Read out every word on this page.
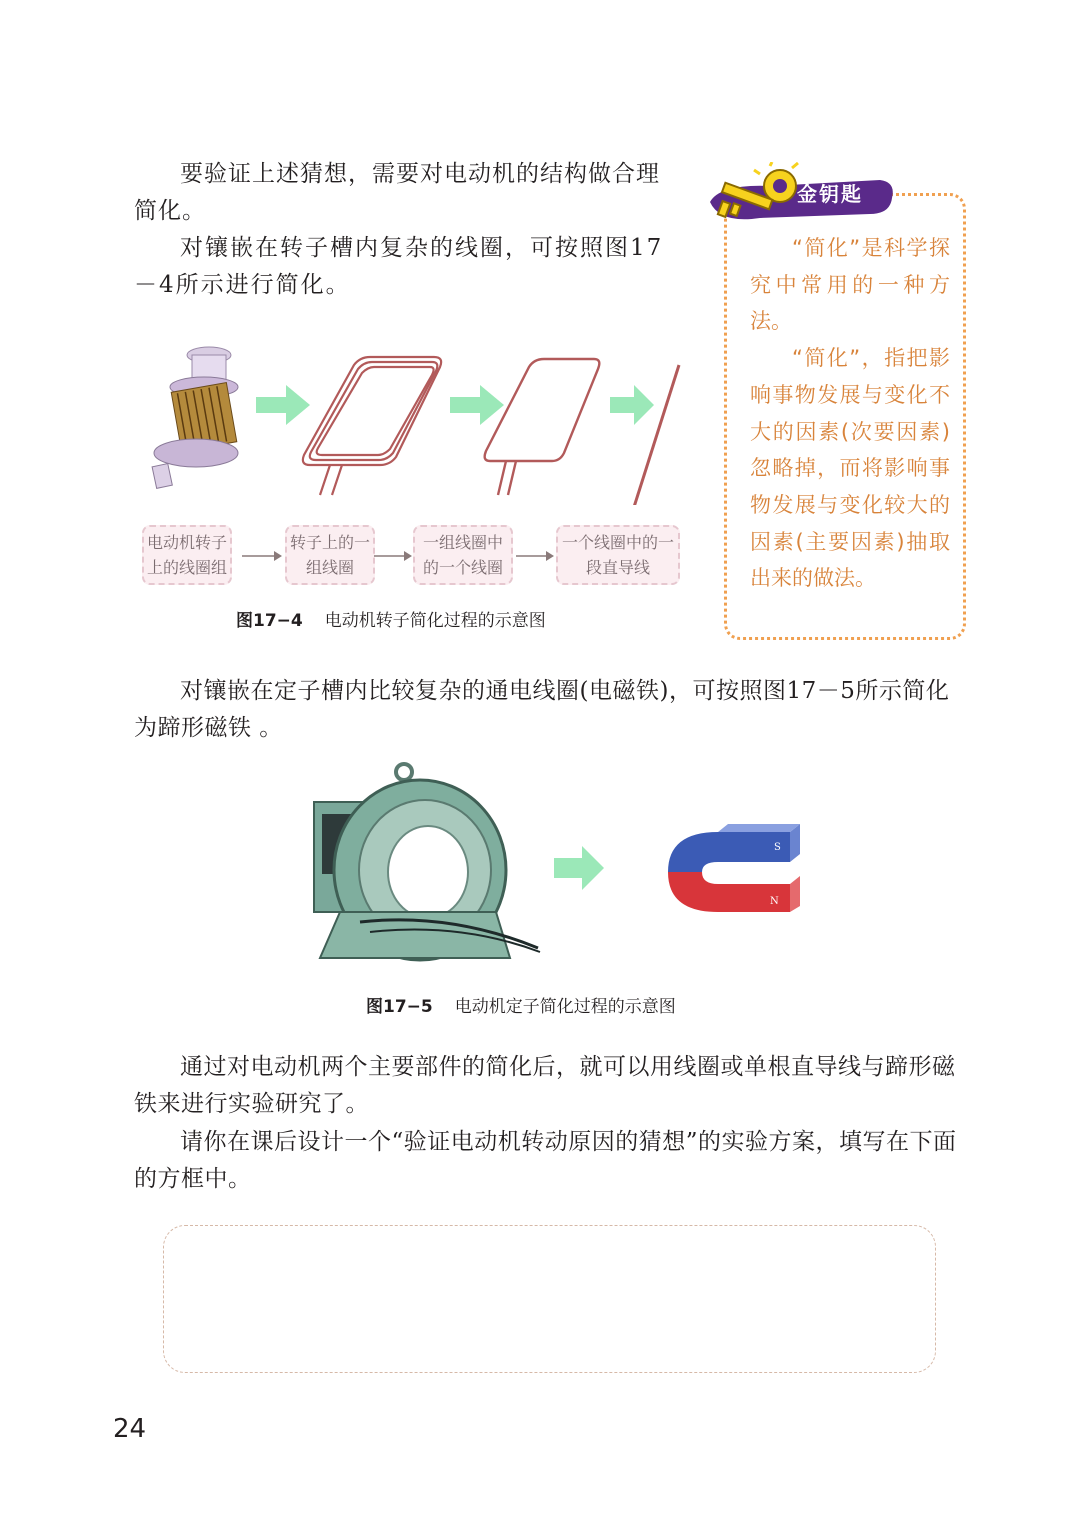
要验证上述猜想，需要对电动机的结构做合理简化。

对镶嵌在转子槽内复杂的线圈，可按照图17－4所示进行简化。

金钥匙

“简化”是科学探究中常用的一种方法。

“简化”，指把影响事物发展与变化不大的因素(次要因素)忽略掉，而将影响事物发展与变化较大的因素(主要因素)抽取出来的做法。

电动机转子上的线圈组
转子上的一组线圈
一组线圈中的一个线圈
一个线圈中的一段直导线
图17−4 电动机转子简化过程的示意图

对镶嵌在定子槽内比较复杂的通电线圈(电磁铁)，可按照图17－5所示简化为蹄形磁铁 。

S
N
图17−5 电动机定子简化过程的示意图

通过对电动机两个主要部件的简化后，就可以用线圈或单根直导线与蹄形磁铁来进行实验研究了。

请你在课后设计一个“验证电动机转动原因的猜想”的实验方案，填写在下面的方框中。

24
